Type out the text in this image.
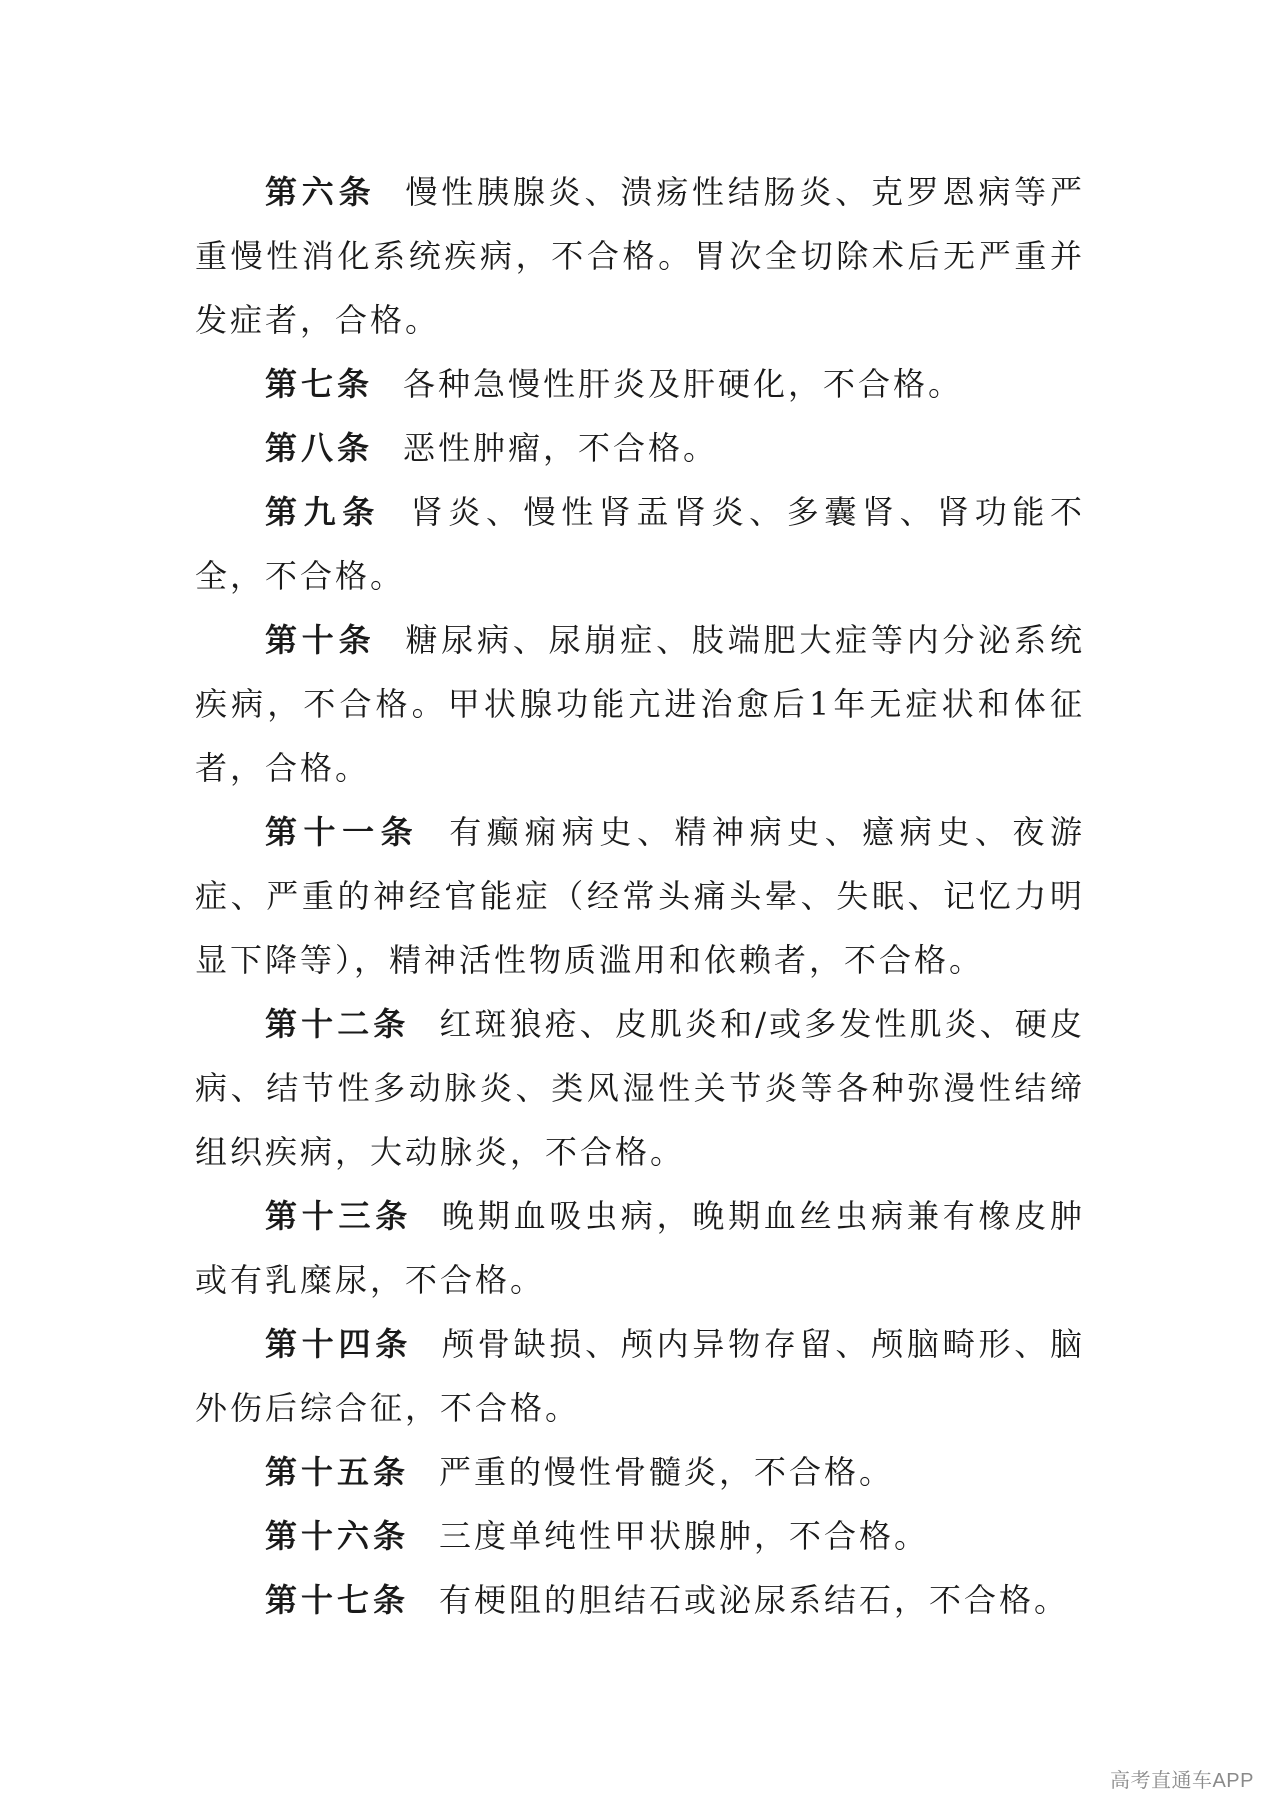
第六条 慢性胰腺炎、溃疡性结肠炎、克罗恩病等严重慢性消化系统疾病，不合格。胃次全切除术后无严重并发症者，合格。

第七条 各种急慢性肝炎及肝硬化，不合格。

第八条 恶性肿瘤，不合格。

第九条 肾炎、慢性肾盂肾炎、多囊肾、肾功能不全，不合格。

第十条 糖尿病、尿崩症、肢端肥大症等内分泌系统疾病，不合格。甲状腺功能亢进治愈后1年无症状和体征者，合格。

第十一条 有癫痫病史、精神病史、癔病史、夜游症、严重的神经官能症（经常头痛头晕、失眠、记忆力明显下降等），精神活性物质滥用和依赖者，不合格。

第十二条 红斑狼疮、皮肌炎和/或多发性肌炎、硬皮病、结节性多动脉炎、类风湿性关节炎等各种弥漫性结缔组织疾病，大动脉炎，不合格。

第十三条 晚期血吸虫病，晚期血丝虫病兼有橡皮肿或有乳糜尿，不合格。

第十四条 颅骨缺损、颅内异物存留、颅脑畸形、脑外伤后综合征，不合格。

第十五条 严重的慢性骨髓炎，不合格。

第十六条 三度单纯性甲状腺肿，不合格。

第十七条 有梗阻的胆结石或泌尿系结石，不合格。

高考直通车APP
